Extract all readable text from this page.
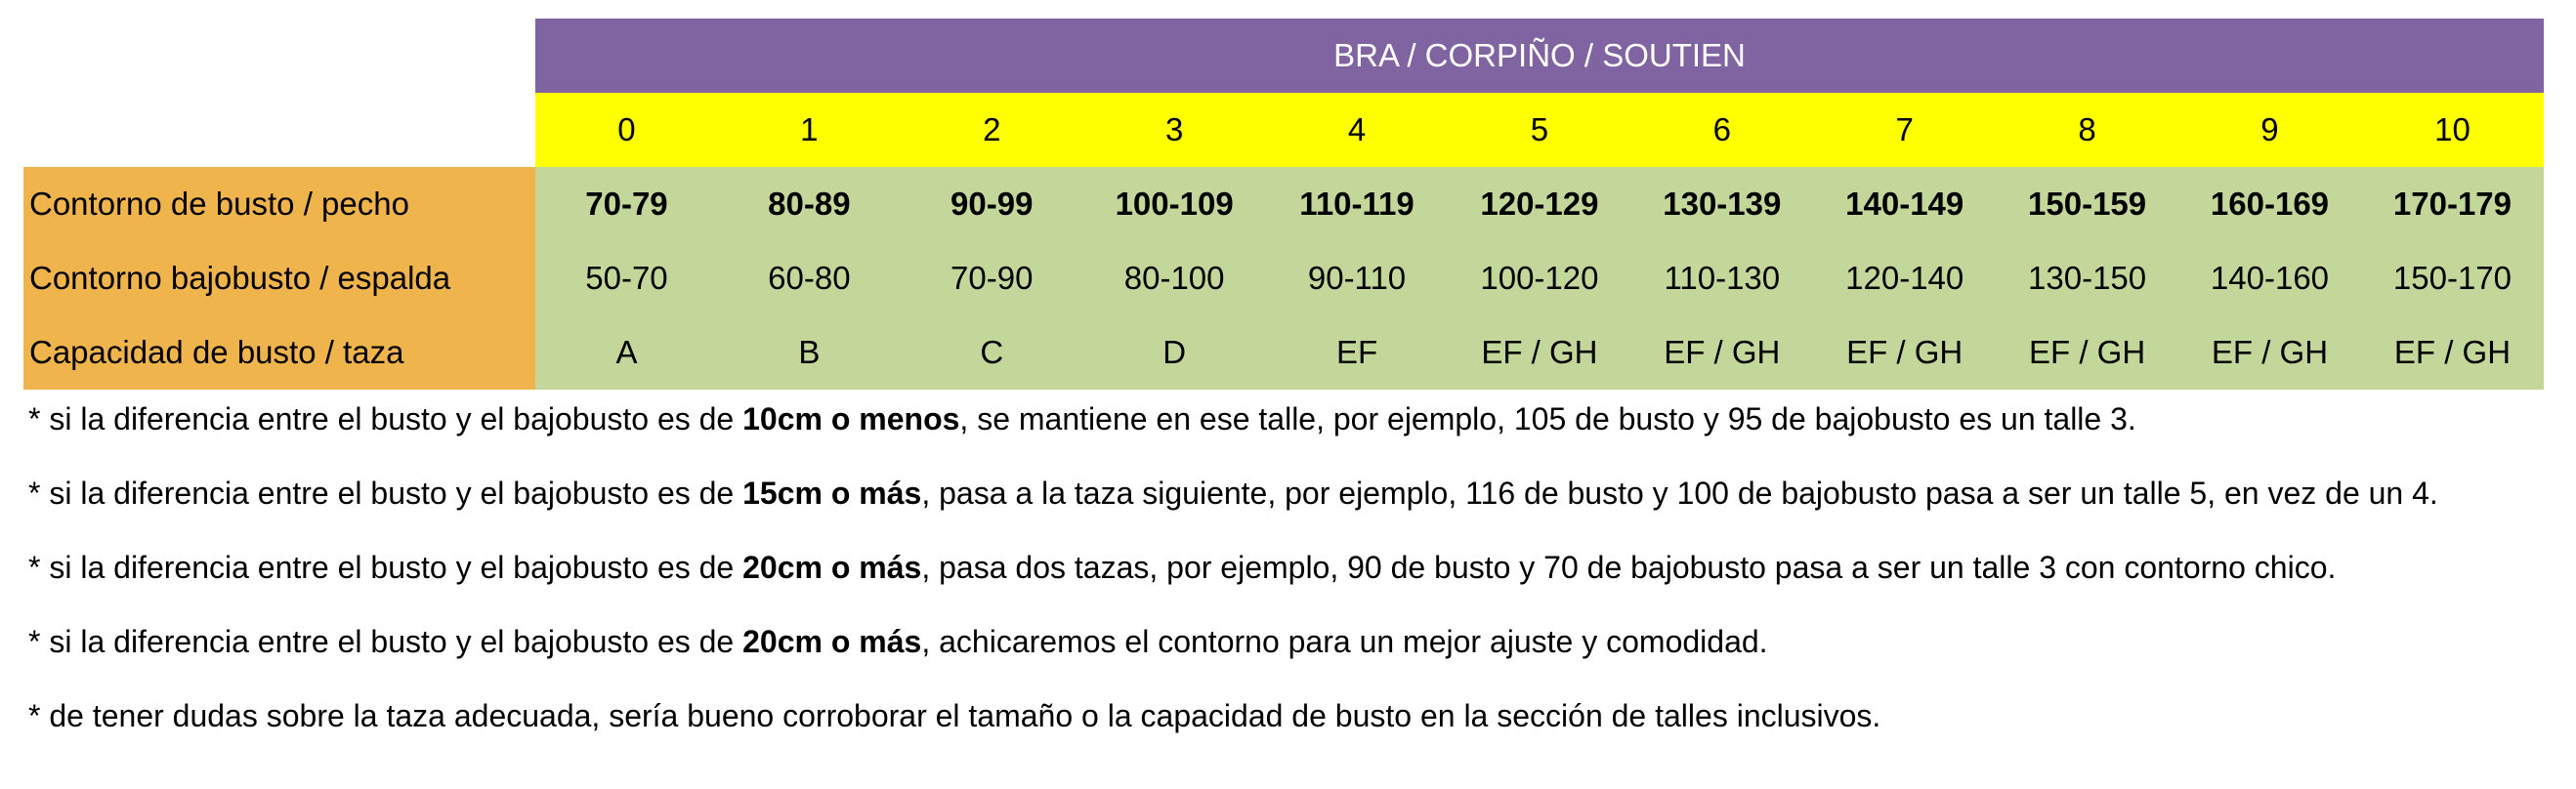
	BRA / CORPIÑO / SOUTIEN										
	0	1	2	3	4	5	6	7	8	9	10
Contorno de busto / pecho	70-79	80-89	90-99	100-109	110-119	120-129	130-139	140-149	150-159	160-169	170-179
Contorno bajobusto / espalda	50-70	60-80	70-90	80-100	90-110	100-120	110-130	120-140	130-150	140-160	150-170
Capacidad de busto / taza	A	B	C	D	EF	EF / GH	EF / GH	EF / GH	EF / GH	EF / GH	EF / GH
* si la diferencia entre el busto y el bajobusto es de 10cm o menos, se mantiene en ese talle, por ejemplo, 105 de busto y 95 de bajobusto es un talle 3.
* si la diferencia entre el busto y el bajobusto es de 15cm o más, pasa a la taza siguiente, por ejemplo, 116 de busto y 100 de bajobusto pasa a ser un talle 5, en vez de un 4.
* si la diferencia entre el busto y el bajobusto es de 20cm o más, pasa dos tazas, por ejemplo, 90 de busto y 70 de bajobusto pasa a ser un talle 3 con contorno chico.
* si la diferencia entre el busto y el bajobusto es de 20cm o más, achicaremos el contorno para un mejor ajuste y comodidad.
* de tener dudas sobre la taza adecuada, sería bueno corroborar el tamaño o la capacidad de busto en la sección de talles inclusivos.
